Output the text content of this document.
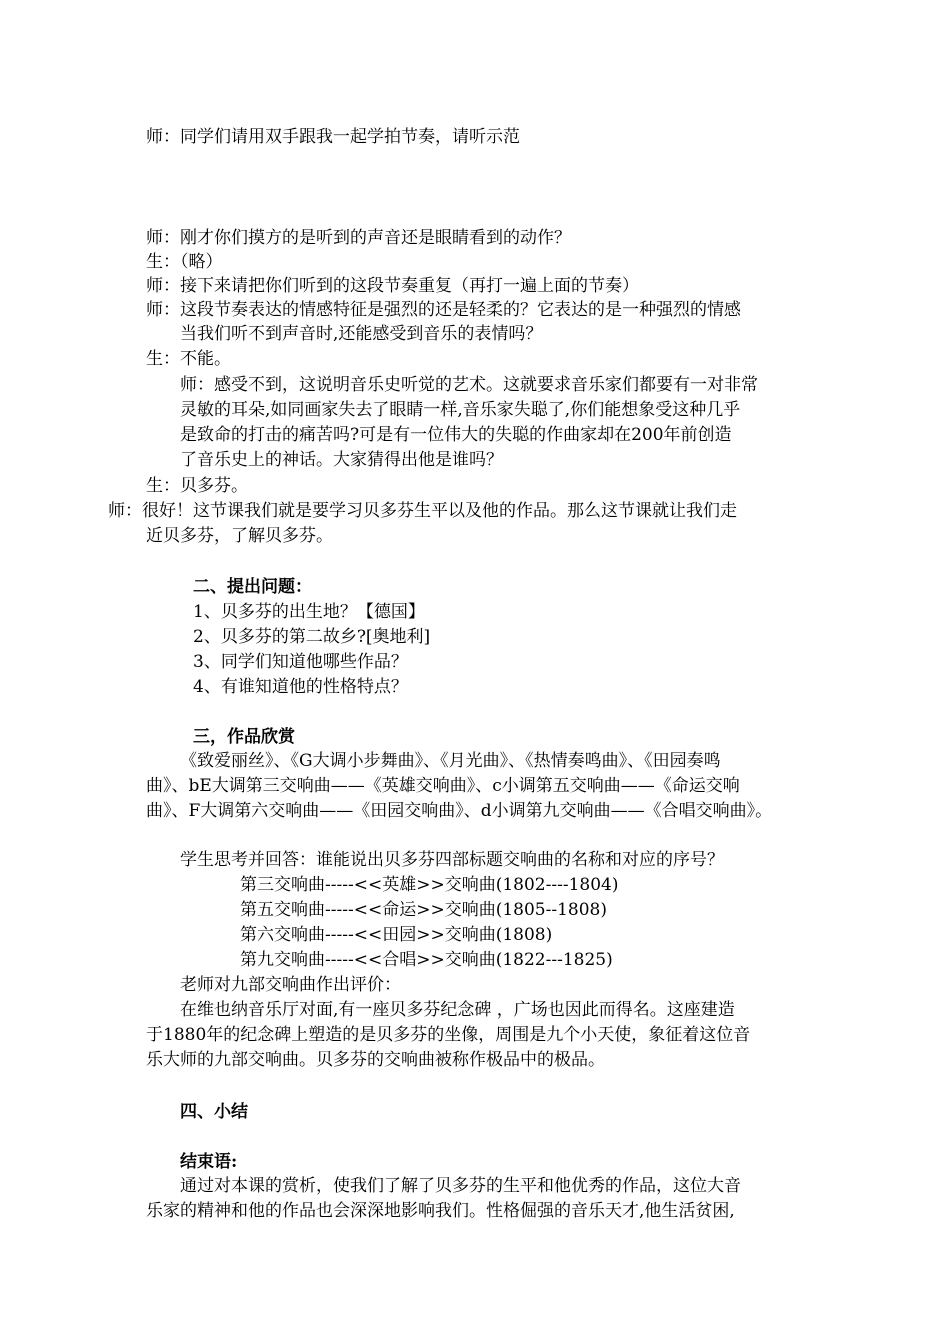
师：同学们请用双手跟我一起学拍节奏，请听示范
师：刚才你们摸方的是听到的声音还是眼睛看到的动作？
生：（略）
师：接下来请把你们听到的这段节奏重复（再打一遍上面的节奏）
师：这段节奏表达的情感特征是强烈的还是轻柔的？它表达的是一种强烈的情感
当我们听不到声音时,还能感受到音乐的表情吗？
生：不能。
师：感受不到，这说明音乐史听觉的艺术。这就要求音乐家们都要有一对非常
灵敏的耳朵,如同画家失去了眼睛一样,音乐家失聪了,你们能想象受这种几乎
是致命的打击的痛苦吗?可是有一位伟大的失聪的作曲家却在200年前创造
了音乐史上的神话。大家猜得出他是谁吗？
生：贝多芬。
师：很好！这节课我们就是要学习贝多芬生平以及他的作品。那么这节课就让我们走
近贝多芬，了解贝多芬。
二、提出问题：
1、贝多芬的出生地？【德国】
2、贝多芬的第二故乡?[奥地利]
3、同学们知道他哪些作品？
4、有谁知道他的性格特点？
三，作品欣赏
《致爱丽丝》、《G大调小步舞曲》、《月光曲》、《热情奏鸣曲》、《田园奏鸣
曲》、bE大调第三交响曲——《英雄交响曲》、c小调第五交响曲——《命运交响
曲》、F大调第六交响曲——《田园交响曲》、d小调第九交响曲——《合唱交响曲》。
学生思考并回答：谁能说出贝多芬四部标题交响曲的名称和对应的序号？
第三交响曲-----<<英雄>>交响曲(1802----1804)
第五交响曲-----<<命运>>交响曲(1805--1808)
第六交响曲-----<<田园>>交响曲(1808)
第九交响曲-----<<合唱>>交响曲(1822---1825)
老师对九部交响曲作出评价：
在维也纳音乐厅对面,有一座贝多芬纪念碑 ，广场也因此而得名。这座建造
于1880年的纪念碑上塑造的是贝多芬的坐像，周围是九个小天使，象征着这位音
乐大师的九部交响曲。贝多芬的交响曲被称作极品中的极品。
四、小结
结束语:
通过对本课的赏析，使我们了解了贝多芬的生平和他优秀的作品，这位大音
乐家的精神和他的作品也会深深地影响我们。性格倔强的音乐天才,他生活贫困,
